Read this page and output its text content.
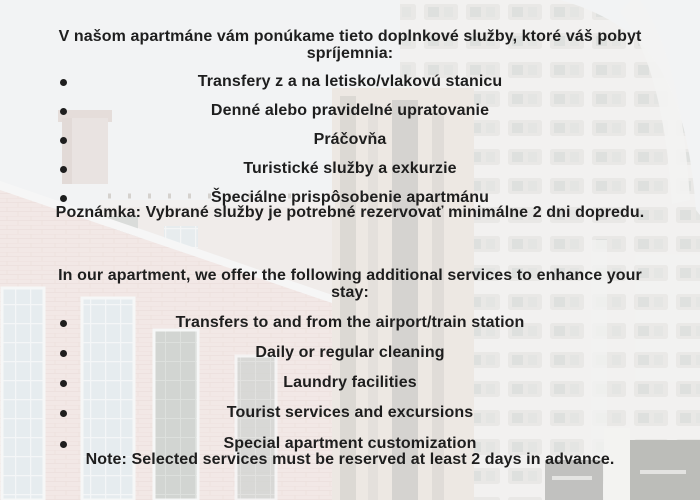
V našom apartmáne vám ponúkame tieto doplnkové služby, ktoré váš pobyt spríjemnia:

Transfery z a na letisko/vlakovú stanicu
Denné alebo pravidelné upratovanie
Práčovňa
Turistické služby a exkurzie
Špeciálne prispôsobenie apartmánu

Poznámka: Vybrané služby je potrebné rezervovať minimálne 2 dni dopredu.

In our apartment, we offer the following additional services to enhance your stay:

Transfers to and from the airport/train station
Daily or regular cleaning
Laundry facilities
Tourist services and excursions
Special apartment customization

Note: Selected services must be reserved at least 2 days in advance.
